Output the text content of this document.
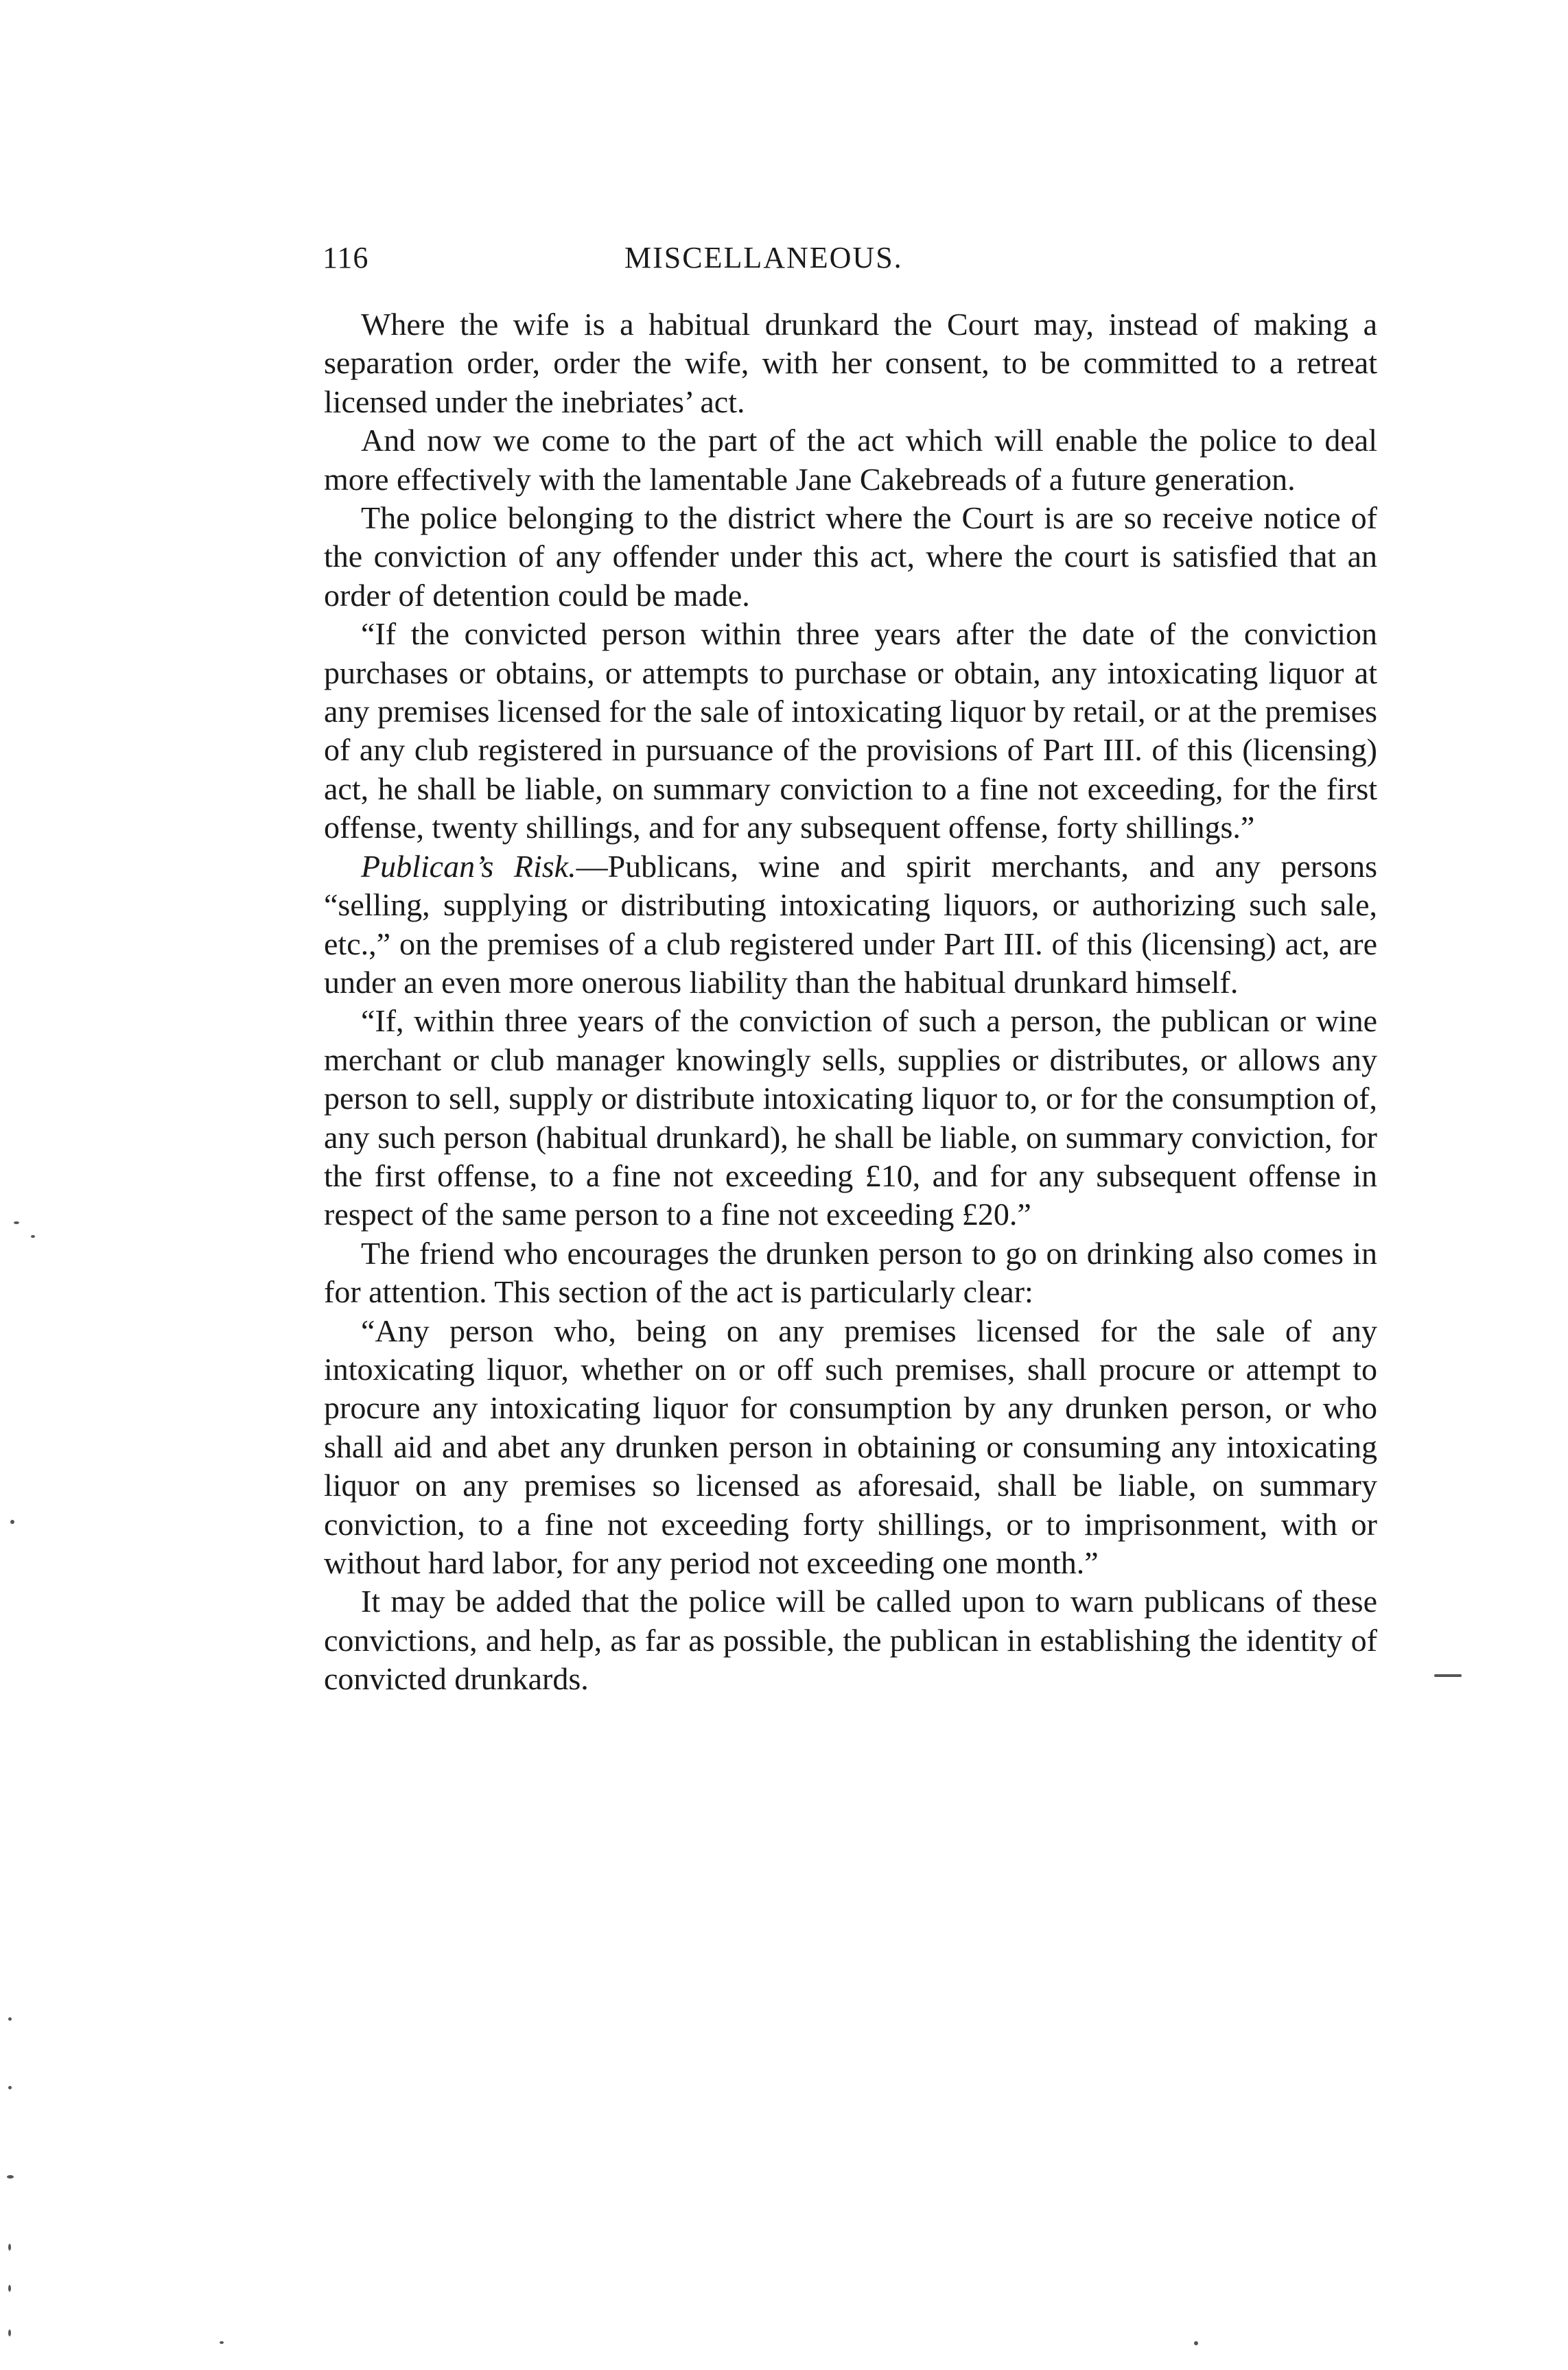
116	MISCELLANEOUS.

Where the wife is a habitual drunkard the Court may, instead of making a separation order, order the wife, with her consent, to be committed to a retreat licensed under the inebriates’ act.

And now we come to the part of the act which will enable the police to deal more effectively with the lamentable Jane Cakebreads of a future generation.

The police belonging to the district where the Court is are so receive notice of the conviction of any offender under this act, where the court is satisfied that an order of detention could be made.

“If the convicted person within three years after the date of the conviction purchases or obtains, or attempts to purchase or obtain, any intoxicating liquor at any premises licensed for the sale of intoxicating liquor by retail, or at the premises of any club registered in pursuance of the provisions of Part III. of this (licensing) act, he shall be liable, on summary conviction to a fine not exceeding, for the first offense, twenty shillings, and for any subsequent offense, forty shillings.”

Publican’s Risk.—Publicans, wine and spirit merchants, and any persons “selling, supplying or distributing intoxicating liquors, or authorizing such sale, etc.,” on the premises of a club registered under Part III. of this (licensing) act, are under an even more onerous liability than the habitual drunkard himself.

“If, within three years of the conviction of such a person, the publican or wine merchant or club manager knowingly sells, supplies or distributes, or allows any person to sell, supply or distribute intoxicating liquor to, or for the consumption of, any such person (habitual drunkard), he shall be liable, on summary conviction, for the first offense, to a fine not exceeding £10, and for any subsequent offense in respect of the same person to a fine not exceeding £20.”

The friend who encourages the drunken person to go on drinking also comes in for attention. This section of the act is particularly clear:

“Any person who, being on any premises licensed for the sale of any intoxicating liquor, whether on or off such premises, shall procure or attempt to procure any intoxicating liquor for consumption by any drunken person, or who shall aid and abet any drunken person in obtaining or consuming any intoxicating liquor on any premises so licensed as aforesaid, shall be liable, on summary conviction, to a fine not exceeding forty shillings, or to imprisonment, with or without hard labor, for any period not exceeding one month.”

It may be added that the police will be called upon to warn publicans of these convictions, and help, as far as possible, the publican in establishing the identity of convicted drunkards.
